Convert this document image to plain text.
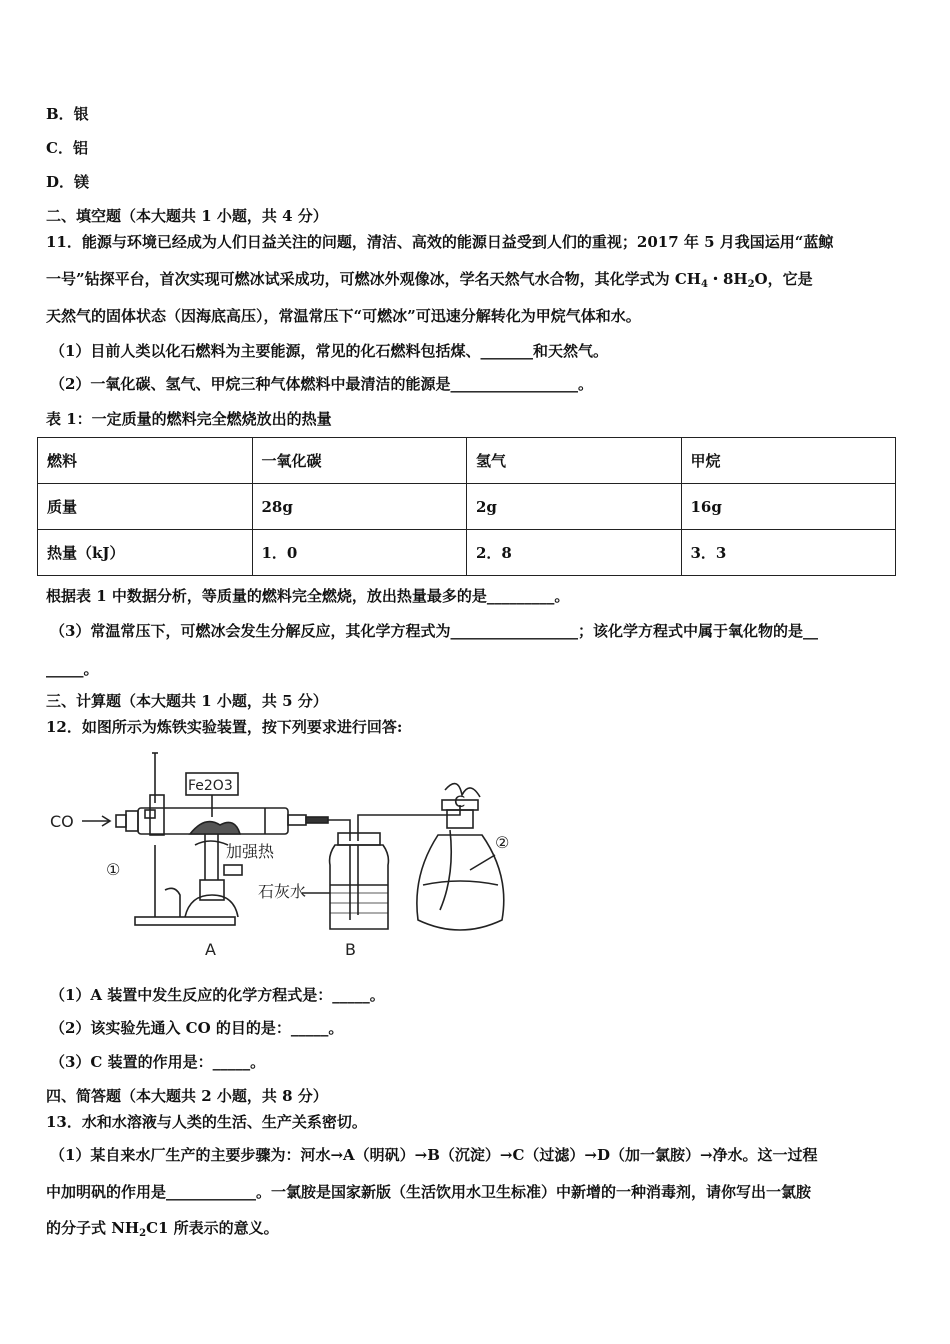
B．银
C．铝
D．镁
二、填空题（本大题共 1 小题，共 4 分）
11．能源与环境已经成为人们日益关注的问题，清洁、高效的能源日益受到人们的重视；2017 年 5 月我国运用“蓝鲸
一号”钻探平台，首次实现可燃冰试采成功，可燃冰外观像冰，学名天然气水合物，其化学式为 $CH_4$・$8H_2O$，它是
天然气的固体状态（因海底高压），常温常压下“可燃冰”可迅速分解转化为甲烷气体和水。
（1）目前人类以化石燃料为主要能源，常见的化石燃料包括煤、_______和天然气。
（2）一氧化碳、氢气、甲烷三种气体燃料中最清洁的能源是_________________。
表 1：一定质量的燃料完全燃烧放出的热量
燃料	一氧化碳	氢气	甲烷
质量	28g	2g	16g
热量（kJ）	1．0	2．8	3．3
根据表 1 中数据分析，等质量的燃料完全燃烧，放出热量最多的是_________。
（3）常温常压下，可燃冰会发生分解反应，其化学方程式为_________________；该化学方程式中属于氧化物的是__
_____。
三、计算题（本大题共 1 小题，共 5 分）
12．如图所示为炼铁实验装置，按下列要求进行回答:
CO
Fe2O3
加强热
石灰水
①
②
A	B
C
（1）A 装置中发生反应的化学方程式是：_____。
（2）该实验先通入 CO 的目的是：_____。
（3）C 装置的作用是：_____。
四、简答题（本大题共 2 小题，共 8 分）
13．水和水溶液与人类的生活、生产关系密切。
（1）某自来水厂生产的主要步骤为：河水→A（明矾）→B（沉淀）→C（过滤）→D（加一氯胺）→净水。这一过程
中加明矾的作用是____________。一氯胺是国家新版（生活饮用水卫生标准）中新增的一种消毒剂，请你写出一氯胺
的分子式 $NH_2C1$ 所表示的意义。
